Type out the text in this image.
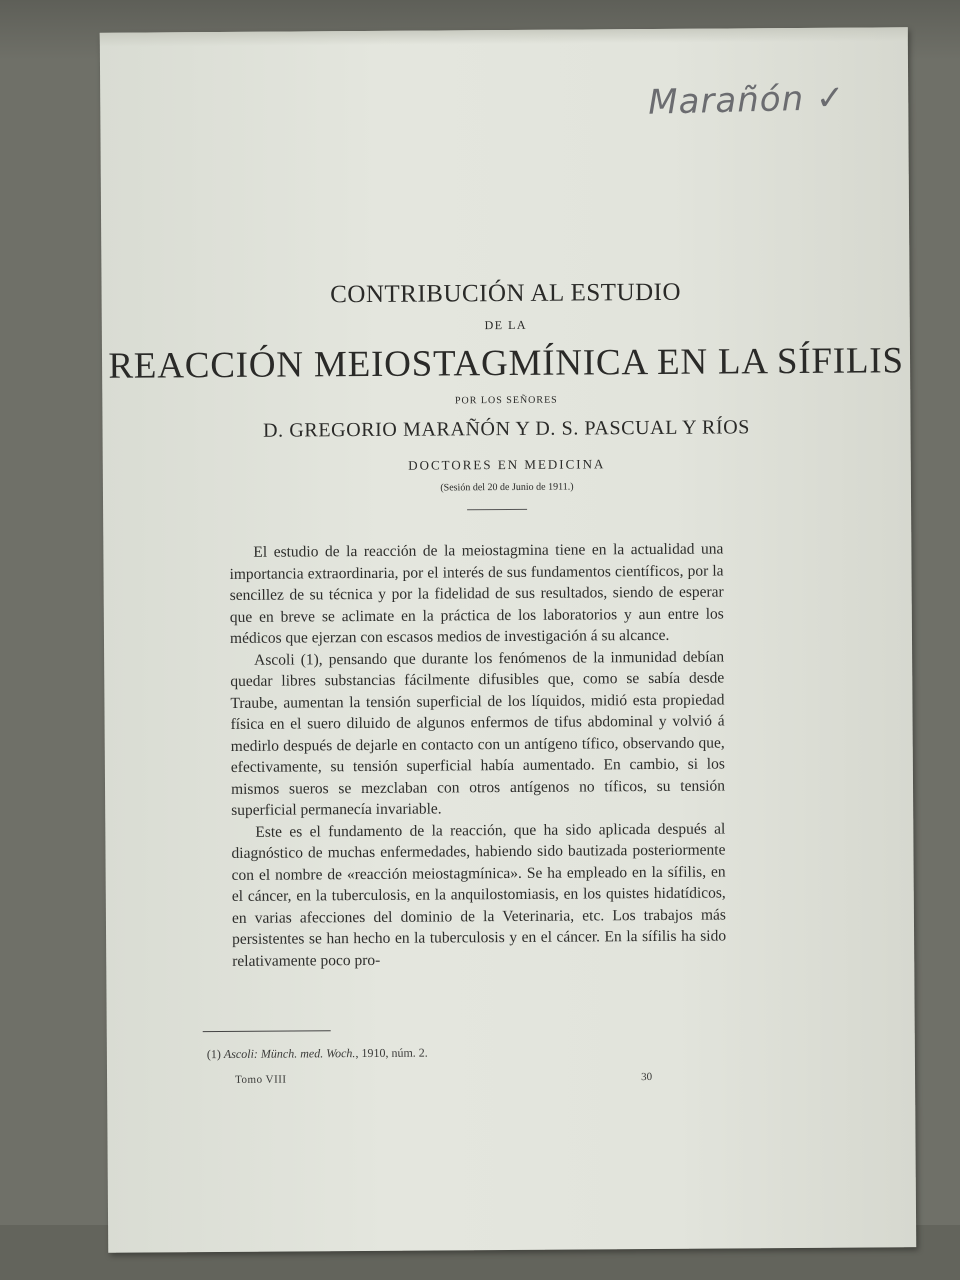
Marañón ✓
CONTRIBUCIÓN AL ESTUDIO
DE LA
REACCIÓN MEIOSTAGMÍNICA EN LA SÍFILIS
POR LOS SEÑORES
D. GREGORIO MARAÑÓN Y D. S. PASCUAL Y RÍOS
DOCTORES EN MEDICINA
(Sesión del 20 de Junio de 1911.)

El estudio de la reacción de la meiostagmina tiene en la actualidad una importancia extraordinaria, por el interés de sus fundamentos científicos, por la sencillez de su técnica y por la fidelidad de sus resultados, siendo de esperar que en breve se aclimate en la práctica de los laboratorios y aun entre los médicos que ejerzan con escasos medios de investigación á su alcance.

Ascoli (1), pensando que durante los fenómenos de la inmunidad debían quedar libres substancias fácilmente difusibles que, como se sabía desde Traube, aumentan la tensión superficial de los líquidos, midió esta propiedad física en el suero diluido de algunos enfermos de tifus abdominal y volvió á medirlo después de dejarle en contacto con un antígeno tífico, observando que, efectivamente, su tensión superficial había aumentado. En cambio, si los mismos sueros se mezclaban con otros antígenos no tíficos, su tensión superficial permanecía invariable.

Este es el fundamento de la reacción, que ha sido aplicada después al diagnóstico de muchas enfermedades, habiendo sido bautizada posteriormente con el nombre de «reacción meiostagmínica». Se ha empleado en la sífilis, en el cáncer, en la tuberculosis, en la anquilostomiasis, en los quistes hidatídicos, en varias afecciones del dominio de la Veterinaria, etc. Los trabajos más persistentes se han hecho en la tuberculosis y en el cáncer. En la sífilis ha sido relativamente poco pro-

(1) Ascoli: Münch. med. Woch., 1910, núm. 2.
Tomo VIII	30
